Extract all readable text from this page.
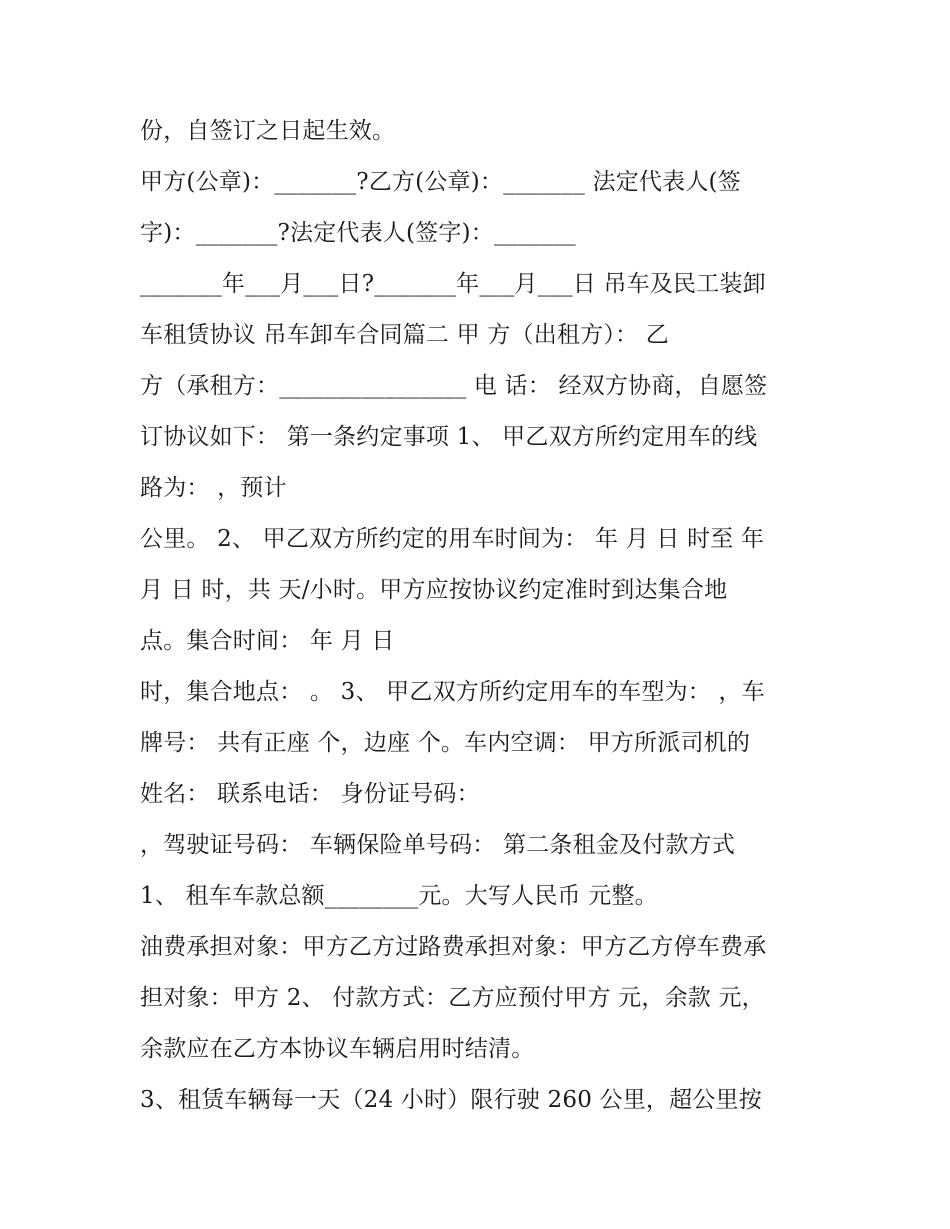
份，自签订之日起生效。
甲方(公章)：_______?乙方(公章)：_______ 法定代表人(签
字)：_______?法定代表人(签字)：_______
_______年___月___日?_______年___月___日 吊车及民工装卸
车租赁协议 吊车卸车合同篇二 甲 方（出租方）： 乙
方（承租方：________________ 电 话： 经双方协商，自愿签
订协议如下： 第一条约定事项 1、 甲乙双方所约定用车的线
路为： ，预计
公里。 2、 甲乙双方所约定的用车时间为： 年 月 日 时至 年
月 日 时，共 天/小时。甲方应按协议约定准时到达集合地
点。集合时间： 年 月 日
时，集合地点： 。 3、 甲乙双方所约定用车的车型为： ，车
牌号： 共有正座 个，边座 个。车内空调： 甲方所派司机的
姓名： 联系电话： 身份证号码：
，驾驶证号码： 车辆保险单号码： 第二条租金及付款方式
1、 租车车款总额________元。大写人民币 元整。
油费承担对象：甲方乙方过路费承担对象：甲方乙方停车费承
担对象：甲方 2、 付款方式：乙方应预付甲方 元，余款 元，
余款应在乙方本协议车辆启用时结清。
3、租赁车辆每一天（24 小时）限行驶 260 公里，超公里按
